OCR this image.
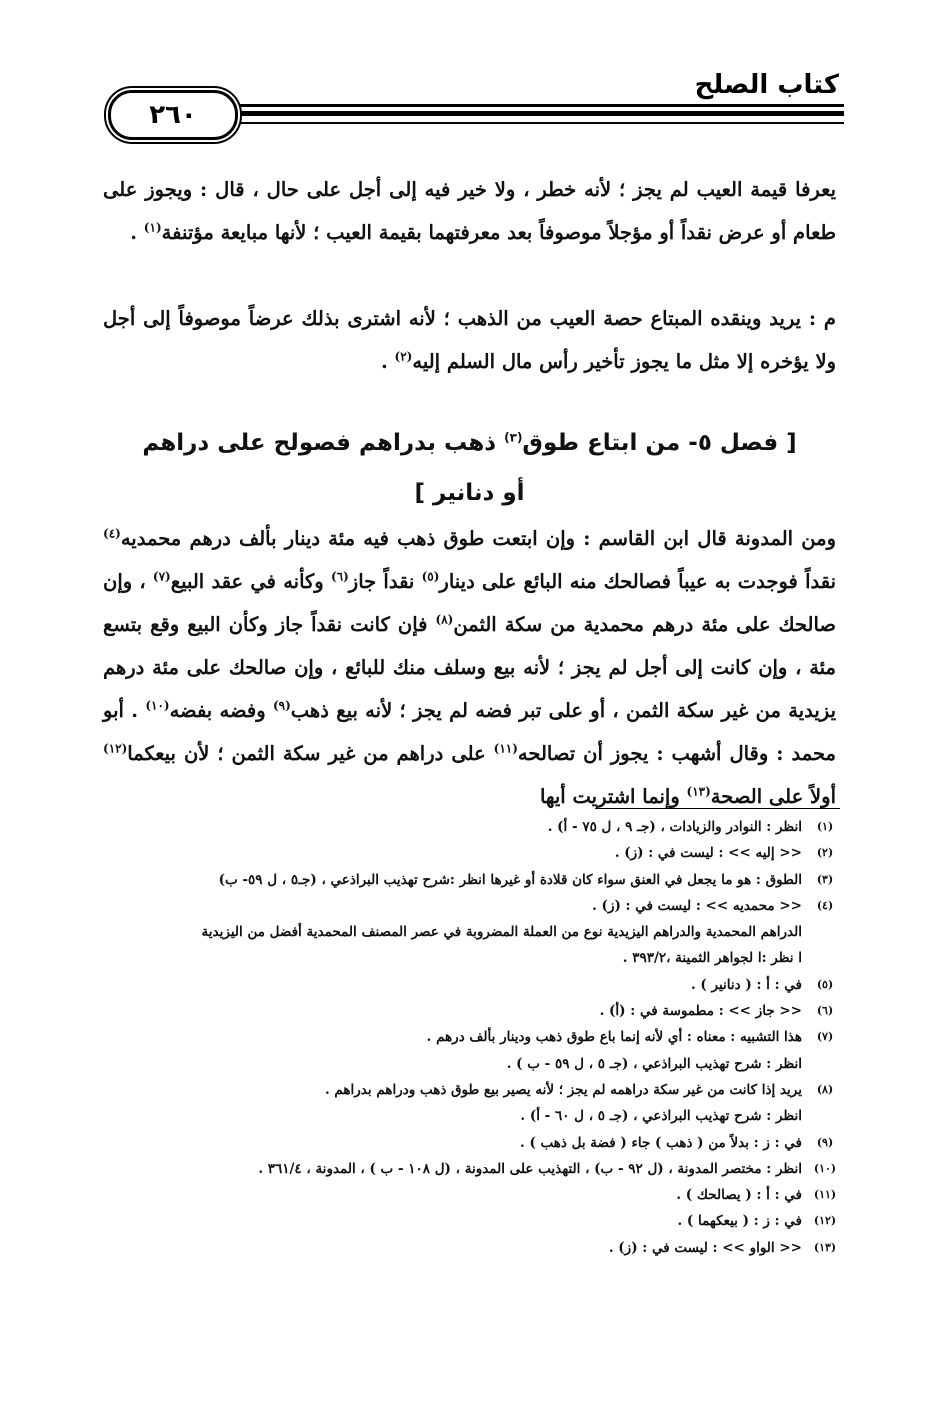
كتاب الصلح
٢٦٠
يعرفا قيمة العيب لم يجز ؛ لأنه خطر ، ولا خير فيه إلى أجل على حال ، قال : ويجوز على طعام أو عرض نقداً أو مؤجلاً موصوفاً بعد معرفتهما بقيمة العيب ؛ لأنها مبايعة مؤتنفة$^{(١)}$ .
م : يريد وينقده المبتاع حصة العيب من الذهب ؛ لأنه اشترى بذلك عرضاً موصوفاً إلى أجل ولا يؤخره إلا مثل ما يجوز تأخير رأس مال السلم إليه$^{(٢)}$ .
[ فصل ٥- من ابتاع طوق$^{(٣)}$ ذهب بدراهم فصولح على دراهم
أو دنانير ]
ومن المدونة قال ابن القاسم : وإن ابتعت طوق ذهب فيه مئة دينار بألف درهم محمديه$^{(٤)}$ نقداً فوجدت به عيباً فصالحك منه البائع على دينار$^{(٥)}$ نقداً جاز$^{(٦)}$ وكأنه في عقد البيع$^{(٧)}$ ، وإن صالحك على مئة درهم محمدية من سكة الثمن$^{(٨)}$ فإن كانت نقداً جاز وكأن البيع وقع بتسع مئة ، وإن كانت إلى أجل لم يجز ؛ لأنه بيع وسلف منك للبائع ، وإن صالحك على مئة درهم يزيدية من غير سكة الثمن ، أو على تبر فضه لم يجز ؛ لأنه بيع ذهب$^{(٩)}$ وفضه بفضه$^{(١٠)}$ . أبو محمد : وقال أشهب : يجوز أن تصالحه$^{(١١)}$ على دراهم من غير سكة الثمن ؛ لأن بيعكما$^{(١٢)}$ أولاً على الصحة$^{(١٣)}$ وإنما اشتريت أيها
(١)
انظر : النوادر والزيادات ، (جـ ٩ ، ل ٧٥ - أ) .
(٢)
<< إليه >> : ليست في : (ز) .
(٣)
الطوق : هو ما يجعل في العنق سواء كان قلادة أو غيرها انظر :شرح تهذيب البراذعي ، (جـ٥ ، ل ٥٩- ب)
(٤)
<< محمديه >> : ليست في : (ز) .
الدراهم المحمدية والدراهم اليزيدية نوع من العملة المضروبة في عصر المصنف المحمدية أفضل من اليزيدية
ا نظر :ا لجواهر الثمينة ،٣٩٣/٢ .
(٥)
في : أ : ( دنانير ) .
(٦)
<< جاز >> : مطموسة في : (أ) .
(٧)
هذا التشبيه : معناه : أي لأنه إنما باع طوق ذهب ودينار بألف درهم .
انظر : شرح تهذيب البراذعي ، (جـ ٥ ، ل ٥٩ - ب ) .
(٨)
يريد إذا كانت من غير سكة دراهمه لم يجز ؛ لأنه يصير بيع طوق ذهب ودراهم بدراهم .
انظر : شرح تهذيب البراذعي ، (جـ ٥ ، ل ٦٠ - أ) .
(٩)
في : ز : بدلاً من ( ذهب ) جاء ( فضة بل ذهب ) .
(١٠)
انظر : مختصر المدونة ، (ل ٩٢ - ب) ، التهذيب على المدونة ، (ل ١٠٨ - ب ) ، المدونة ، ٣٦١/٤ .
(١١)
في : أ : ( يصالحك ) .
(١٢)
في : ز : ( بيعكهما ) .
(١٣)
<< الواو >> : ليست في : (ز) .
